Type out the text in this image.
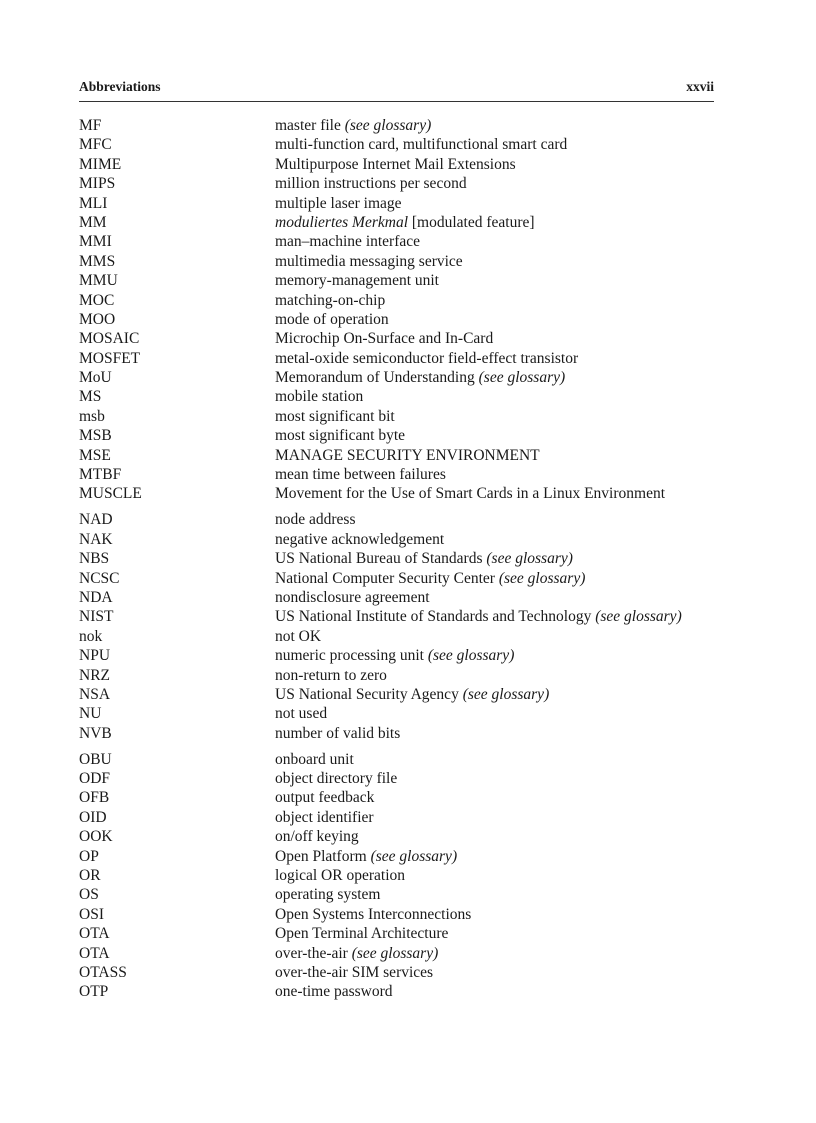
Abbreviations	xxvii
MF	master file (see glossary)
MFC	multi-function card, multifunctional smart card
MIME	Multipurpose Internet Mail Extensions
MIPS	million instructions per second
MLI	multiple laser image
MM	moduliertes Merkmal [modulated feature]
MMI	man–machine interface
MMS	multimedia messaging service
MMU	memory-management unit
MOC	matching-on-chip
MOO	mode of operation
MOSAIC	Microchip On-Surface and In-Card
MOSFET	metal-oxide semiconductor field-effect transistor
MoU	Memorandum of Understanding (see glossary)
MS	mobile station
msb	most significant bit
MSB	most significant byte
MSE	MANAGE SECURITY ENVIRONMENT
MTBF	mean time between failures
MUSCLE	Movement for the Use of Smart Cards in a Linux Environment
NAD	node address
NAK	negative acknowledgement
NBS	US National Bureau of Standards (see glossary)
NCSC	National Computer Security Center (see glossary)
NDA	nondisclosure agreement
NIST	US National Institute of Standards and Technology (see glossary)
nok	not OK
NPU	numeric processing unit (see glossary)
NRZ	non-return to zero
NSA	US National Security Agency (see glossary)
NU	not used
NVB	number of valid bits
OBU	onboard unit
ODF	object directory file
OFB	output feedback
OID	object identifier
OOK	on/off keying
OP	Open Platform (see glossary)
OR	logical OR operation
OS	operating system
OSI	Open Systems Interconnections
OTA	Open Terminal Architecture
OTA	over-the-air (see glossary)
OTASS	over-the-air SIM services
OTP	one-time password
